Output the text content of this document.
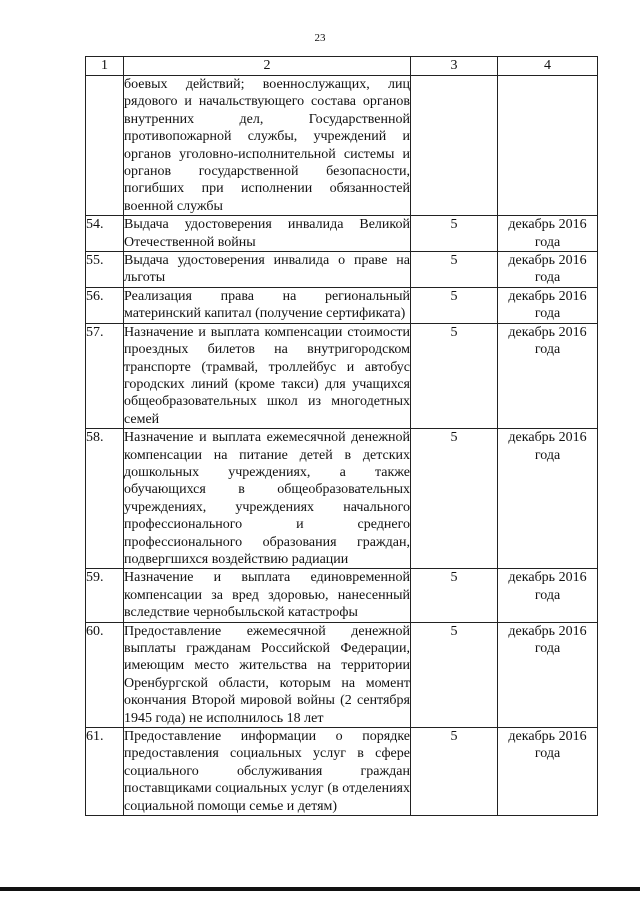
23
1	2	3	4
	боевых действий; военнослужащих, лиц рядового и начальствующего состава органов внутренних дел, Государственной противопожарной службы, учреждений и органов уголовно-исполнительной системы и органов государственной безопасности, погибших при исполнении обязанностей военной службы		
54.	Выдача удостоверения инвалида Великой Отечественной войны	5	декабрь 2016 года
55.	Выдача удостоверения инвалида о праве на льготы	5	декабрь 2016 года
56.	Реализация права на региональный материнский капитал (получение сертификата)	5	декабрь 2016 года
57.	Назначение и выплата компенсации стоимости проездных билетов на внутригородском транспорте (трамвай, троллейбус и автобус городских линий (кроме такси) для учащихся общеобразовательных школ из многодетных семей	5	декабрь 2016 года
58.	Назначение и выплата ежемесячной денежной компенсации на питание детей в детских дошкольных учреждениях, а также обучающихся в общеобразовательных учреждениях, учреждениях начального профессионального и среднего профессионального образования граждан, подвергшихся воздействию радиации	5	декабрь 2016 года
59.	Назначение и выплата единовременной компенсации за вред здоровью, нанесенный вследствие чернобыльской катастрофы	5	декабрь 2016 года
60.	Предоставление ежемесячной денежной выплаты гражданам Российской Федерации, имеющим место жительства на территории Оренбургской области, которым на момент окончания Второй мировой войны (2 сентября 1945 года) не исполнилось 18 лет	5	декабрь 2016 года
61.	Предоставление информации о порядке предоставления социальных услуг в сфере социального обслуживания граждан поставщиками социальных услуг (в отделениях социальной помощи семье и детям)	5	декабрь 2016 года
